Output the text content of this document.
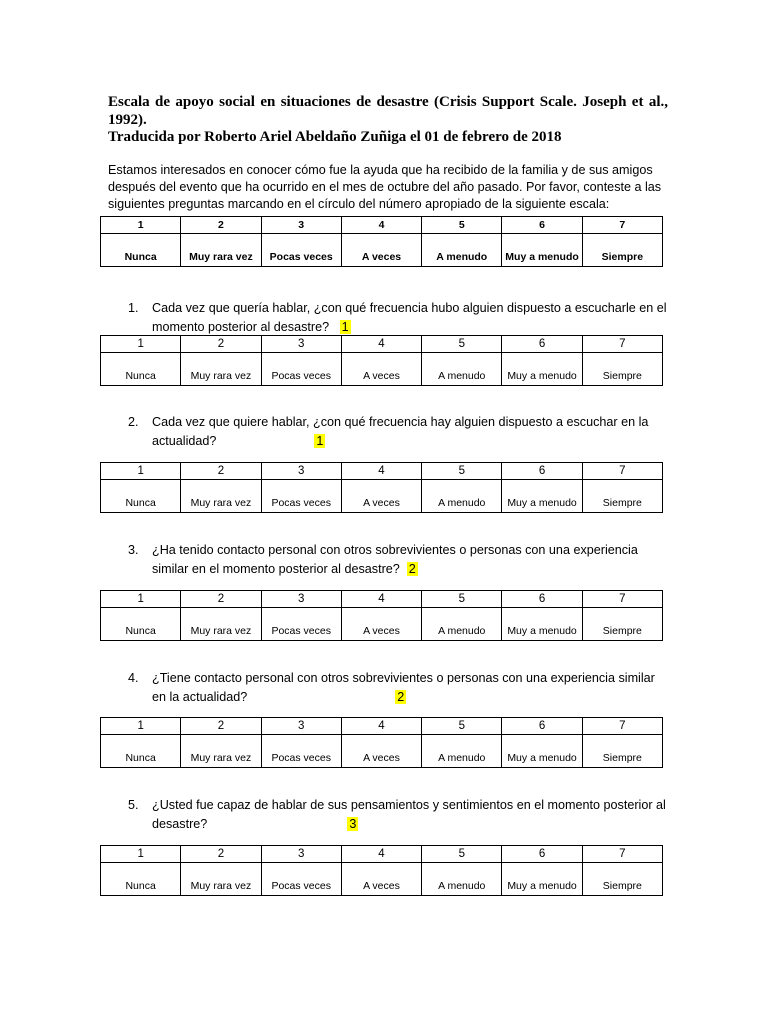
Escala de apoyo social en situaciones de desastre (Crisis Support Scale. Joseph et al., 1992).

Traducida por Roberto Ariel Abeldaño Zuñiga el 01 de febrero de 2018

Estamos interesados en conocer cómo fue la ayuda que ha recibido de la familia y de sus amigos después del evento que ha ocurrido en el mes de octubre del año pasado. Por favor, conteste a las siguientes preguntas marcando en el círculo del número apropiado de la siguiente escala:

1	2	3	4	5	6	7
Nunca	Muy rara vez	Pocas veces	A veces	A menudo	Muy a menudo	Siempre
1.	Cada vez que quería hablar, ¿con qué frecuencia hubo alguien dispuesto a escucharle en el momento posterior al desastre? 1
1	2	3	4	5	6	7
Nunca	Muy rara vez	Pocas veces	A veces	A menudo	Muy a menudo	Siempre
2.	Cada vez que quiere hablar, ¿con qué frecuencia hay alguien dispuesto a escuchar en la actualidad?	1
1	2	3	4	5	6	7
Nunca	Muy rara vez	Pocas veces	A veces	A menudo	Muy a menudo	Siempre
3.	¿Ha tenido contacto personal con otros sobrevivientes o personas con una experiencia similar en el momento posterior al desastre? 2
1	2	3	4	5	6	7
Nunca	Muy rara vez	Pocas veces	A veces	A menudo	Muy a menudo	Siempre
4.	¿Tiene contacto personal con otros sobrevivientes o personas con una experiencia similar en la actualidad?	2
1	2	3	4	5	6	7
Nunca	Muy rara vez	Pocas veces	A veces	A menudo	Muy a menudo	Siempre
5.	¿Usted fue capaz de hablar de sus pensamientos y sentimientos en el momento posterior al desastre?	3
1	2	3	4	5	6	7
Nunca	Muy rara vez	Pocas veces	A veces	A menudo	Muy a menudo	Siempre
